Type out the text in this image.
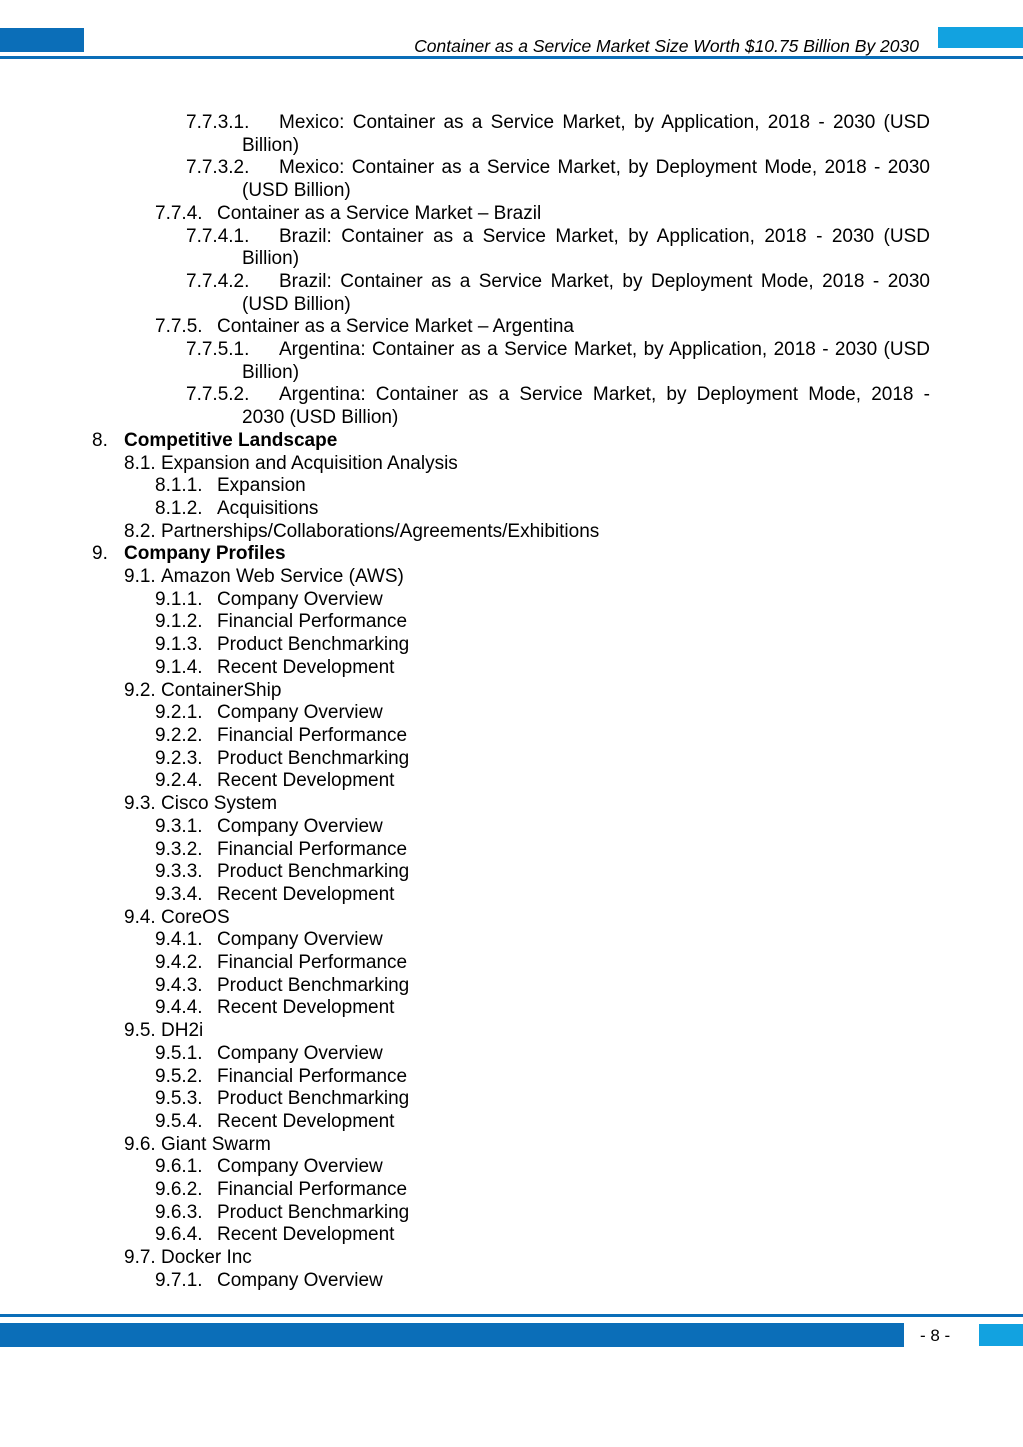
Container as a Service Market Size Worth $10.75 Billion By 2030
7.7.3.1. Mexico: Container as a Service Market, by Application, 2018 - 2030 (USD
Billion)
7.7.3.2. Mexico: Container as a Service Market, by Deployment Mode, 2018 - 2030
(USD Billion)
7.7.4. Container as a Service Market – Brazil
7.7.4.1. Brazil: Container as a Service Market, by Application, 2018 - 2030 (USD
Billion)
7.7.4.2. Brazil: Container as a Service Market, by Deployment Mode, 2018 - 2030
(USD Billion)
7.7.5. Container as a Service Market – Argentina
7.7.5.1. Argentina: Container as a Service Market, by Application, 2018 - 2030 (USD
Billion)
7.7.5.2. Argentina: Container as a Service Market, by Deployment Mode, 2018 -
2030 (USD Billion)
8. Competitive Landscape
8.1. Expansion and Acquisition Analysis
8.1.1. Expansion
8.1.2. Acquisitions
8.2. Partnerships/Collaborations/Agreements/Exhibitions
9. Company Profiles
9.1. Amazon Web Service (AWS)
9.1.1. Company Overview
9.1.2. Financial Performance
9.1.3. Product Benchmarking
9.1.4. Recent Development
9.2. ContainerShip
9.2.1. Company Overview
9.2.2. Financial Performance
9.2.3. Product Benchmarking
9.2.4. Recent Development
9.3. Cisco System
9.3.1. Company Overview
9.3.2. Financial Performance
9.3.3. Product Benchmarking
9.3.4. Recent Development
9.4. CoreOS
9.4.1. Company Overview
9.4.2. Financial Performance
9.4.3. Product Benchmarking
9.4.4. Recent Development
9.5. DH2i
9.5.1. Company Overview
9.5.2. Financial Performance
9.5.3. Product Benchmarking
9.5.4. Recent Development
9.6. Giant Swarm
9.6.1. Company Overview
9.6.2. Financial Performance
9.6.3. Product Benchmarking
9.6.4. Recent Development
9.7. Docker Inc
9.7.1. Company Overview
- 8 -
